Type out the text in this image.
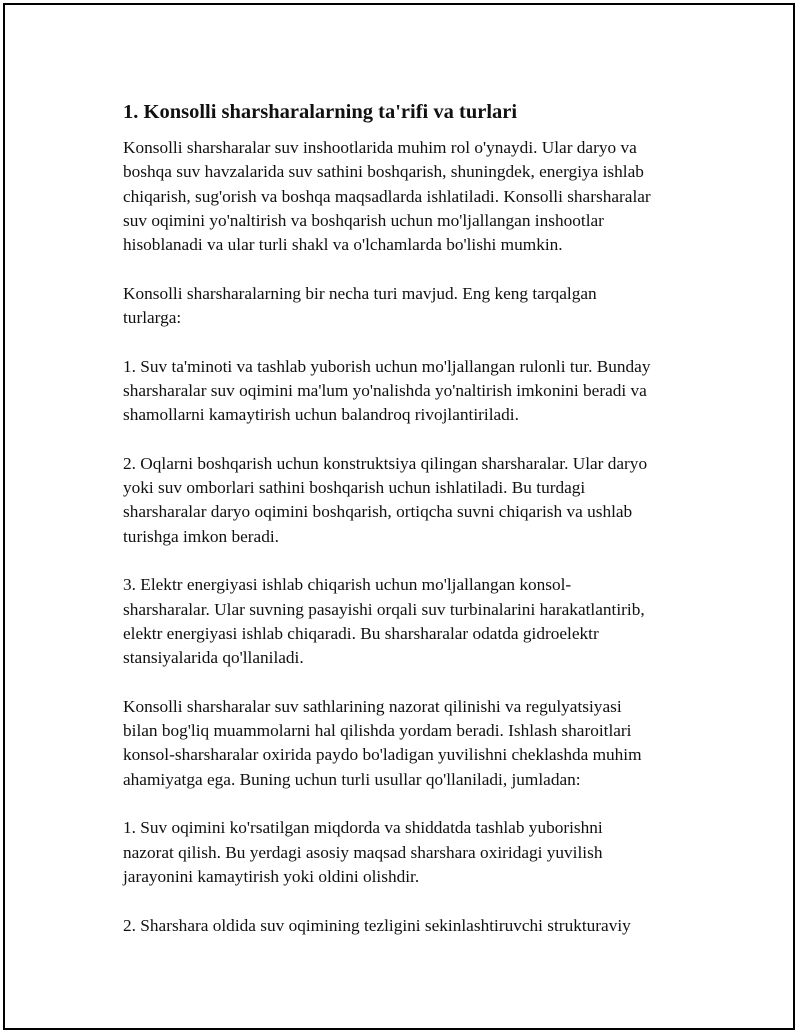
1. Konsolli sharsharalarning ta'rifi va turlari

Konsolli sharsharalar suv inshootlarida muhim rol o'ynaydi. Ular daryo va
boshqa suv havzalarida suv sathini boshqarish, shuningdek, energiya ishlab
chiqarish, sug'orish va boshqa maqsadlarda ishlatiladi. Konsolli sharsharalar
suv oqimini yo'naltirish va boshqarish uchun mo'ljallangan inshootlar
hisoblanadi va ular turli shakl va o'lchamlarda bo'lishi mumkin.

Konsolli sharsharalarning bir necha turi mavjud. Eng keng tarqalgan
turlarga:

1. Suv ta'minoti va tashlab yuborish uchun mo'ljallangan rulonli tur. Bunday
sharsharalar suv oqimini ma'lum yo'nalishda yo'naltirish imkonini beradi va
shamollarni kamaytirish uchun balandroq rivojlantiriladi.

2. Oqlarni boshqarish uchun konstruktsiya qilingan sharsharalar. Ular daryo
yoki suv omborlari sathini boshqarish uchun ishlatiladi. Bu turdagi
sharsharalar daryo oqimini boshqarish, ortiqcha suvni chiqarish va ushlab
turishga imkon beradi.

3. Elektr energiyasi ishlab chiqarish uchun mo'ljallangan konsol-
sharsharalar. Ular suvning pasayishi orqali suv turbinalarini harakatlantirib,
elektr energiyasi ishlab chiqaradi. Bu sharsharalar odatda gidroelektr
stansiyalarida qo'llaniladi.

Konsolli sharsharalar suv sathlarining nazorat qilinishi va regulyatsiyasi
bilan bog'liq muammolarni hal qilishda yordam beradi. Ishlash sharoitlari
konsol-sharsharalar oxirida paydo bo'ladigan yuvilishni cheklashda muhim
ahamiyatga ega. Buning uchun turli usullar qo'llaniladi, jumladan:

1. Suv oqimini ko'rsatilgan miqdorda va shiddatda tashlab yuborishni
nazorat qilish. Bu yerdagi asosiy maqsad sharshara oxiridagi yuvilish
jarayonini kamaytirish yoki oldini olishdir.

2. Sharshara oldida suv oqimining tezligini sekinlashtiruvchi strukturaviy
